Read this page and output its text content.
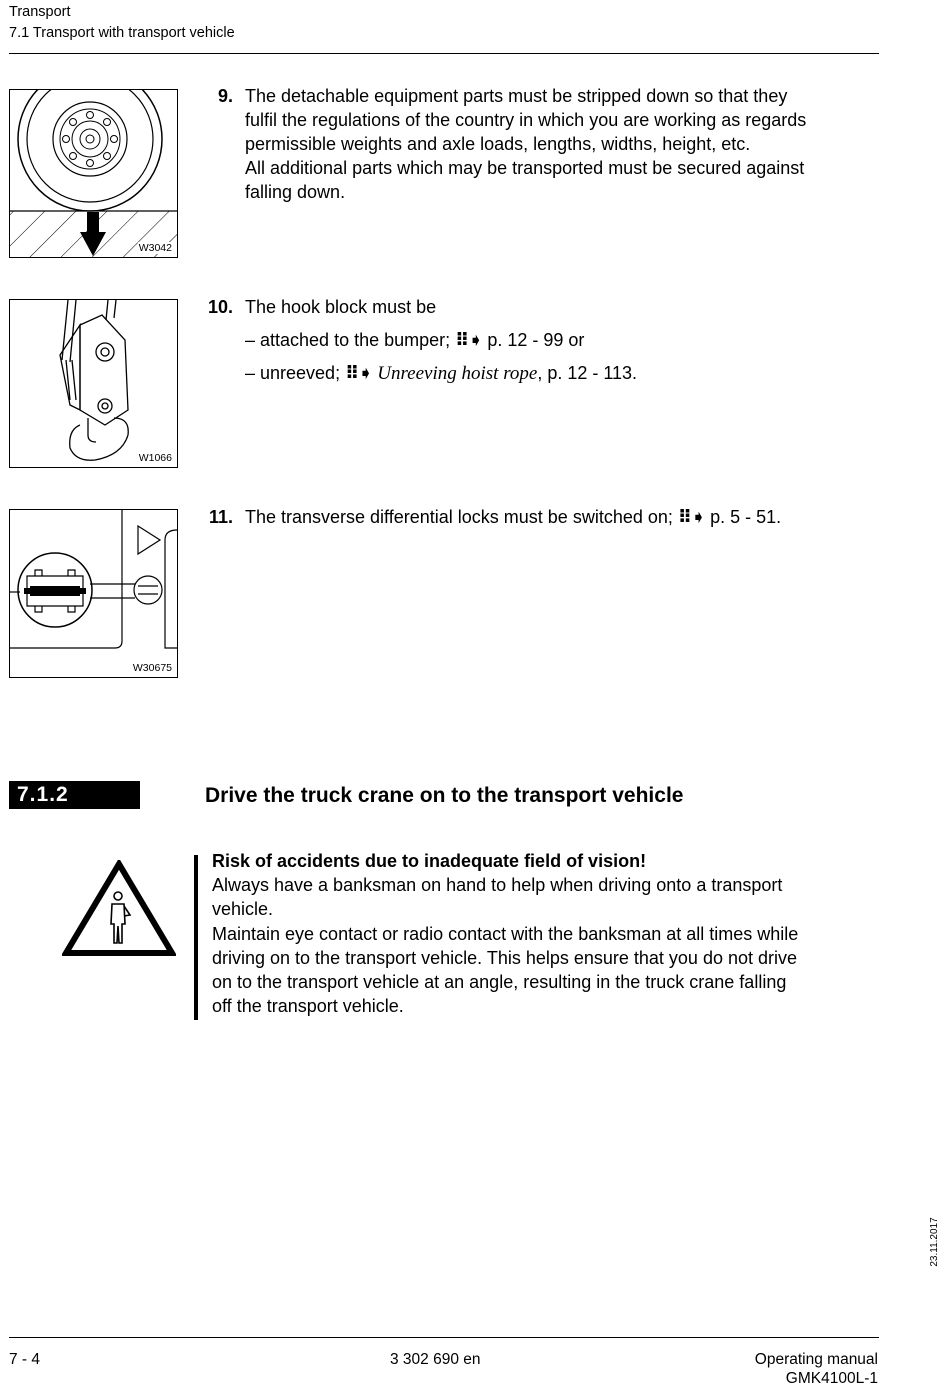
Transport
7.1 Transport with transport vehicle
W3042
9. The detachable equipment parts must be stripped down so that they
fulfil the regulations of the country in which you are working as regards
permissible weights and axle loads, lengths, widths, height, etc.
All additional parts which may be transported must be secured against
falling down.
W1066
10. The hook block must be
– attached to the bumper; ⠿➧ p. 12 - 99 or
– unreeved; ⠿➧ Unreeving hoist rope, p. 12 - 113.
W30675
11. The transverse differential locks must be switched on; ⠿➧ p. 5 - 51.
7.1.2	Drive the truck crane on to the transport vehicle
Risk of accidents due to inadequate field of vision!
Always have a banksman on hand to help when driving onto a transport
vehicle.
Maintain eye contact or radio contact with the banksman at all times while
driving on to the transport vehicle. This helps ensure that you do not drive
on to the transport vehicle at an angle, resulting in the truck crane falling
off the transport vehicle.
23.11.2017
7 - 4	3 302 690 en	Operating manual
GMK4100L-1
